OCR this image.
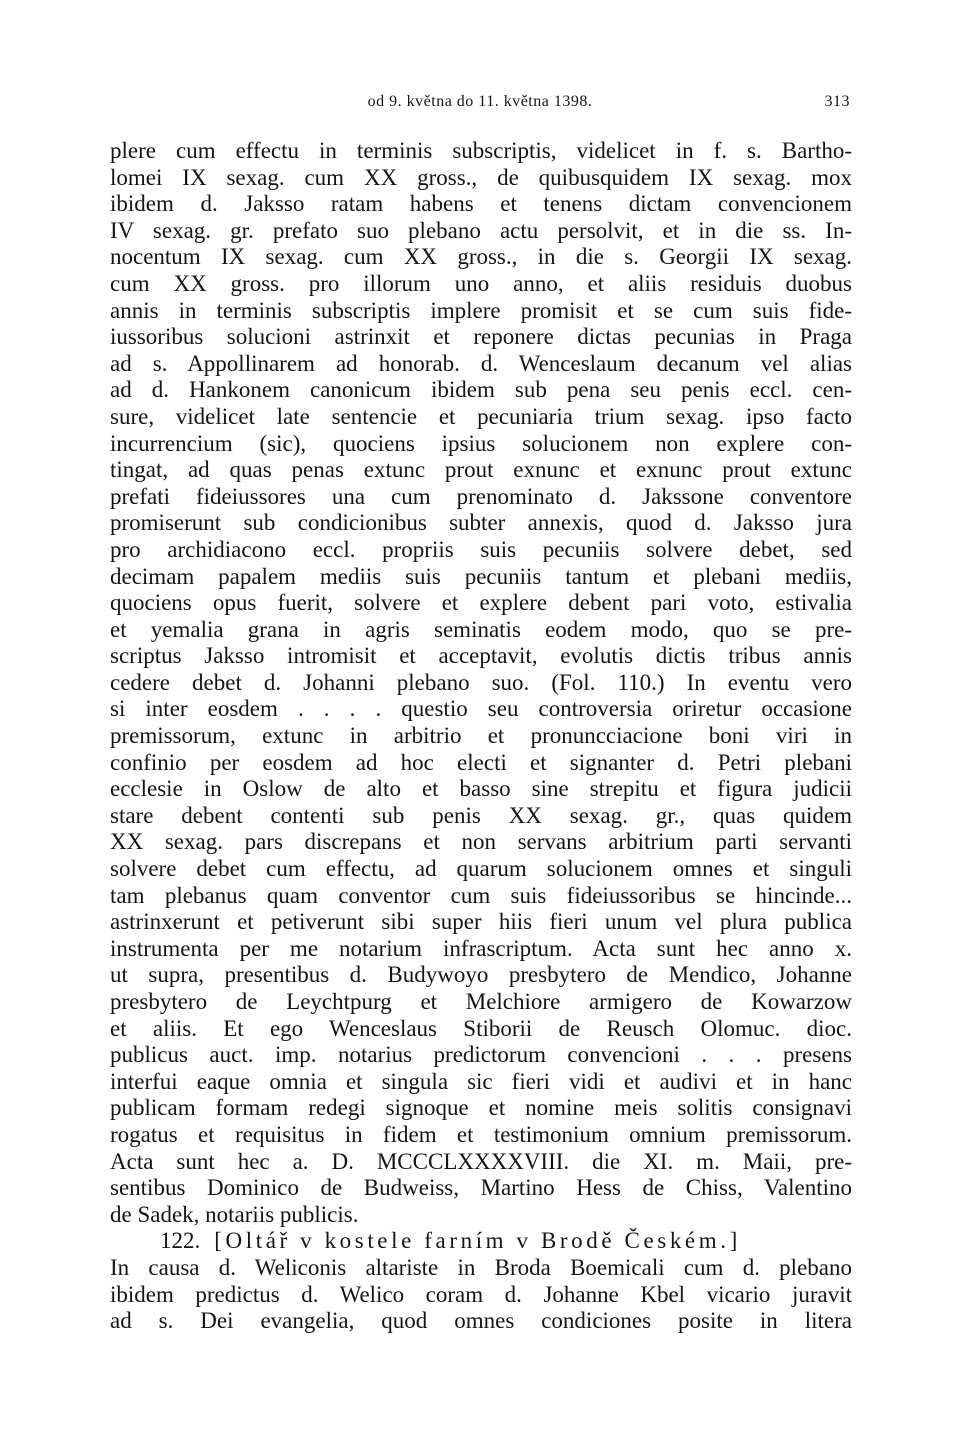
od 9. května do 11. května 1398.	313
plere cum effectu in terminis subscriptis, videlicet in f. s. Bartho-
lomei IX sexag. cum XX gross., de quibusquidem IX sexag. mox
ibidem d. Jaksso ratam habens et tenens dictam convencionem
IV sexag. gr. prefato suo plebano actu persolvit, et in die ss. In-
nocentum IX sexag. cum XX gross., in die s. Georgii IX sexag.
cum XX gross. pro illorum uno anno, et aliis residuis duobus
annis in terminis subscriptis implere promisit et se cum suis fide-
iussoribus solucioni astrinxit et reponere dictas pecunias in Praga
ad s. Appollinarem ad honorab. d. Wenceslaum decanum vel alias
ad d. Hankonem canonicum ibidem sub pena seu penis eccl. cen-
sure, videlicet late sentencie et pecuniaria trium sexag. ipso facto
incurrencium (sic), quociens ipsius solucionem non explere con-
tingat, ad quas penas extunc prout exnunc et exnunc prout extunc
prefati fideiussores una cum prenominato d. Jakssone conventore
promiserunt sub condicionibus subter annexis, quod d. Jaksso jura
pro archidiacono eccl. propriis suis pecuniis solvere debet, sed
decimam papalem mediis suis pecuniis tantum et plebani mediis,
quociens opus fuerit, solvere et explere debent pari voto, estivalia
et yemalia grana in agris seminatis eodem modo, quo se pre-
scriptus Jaksso intromisit et acceptavit, evolutis dictis tribus annis
cedere debet d. Johanni plebano suo. (Fol. 110.) In eventu vero
si inter eosdem . . . . questio seu controversia oriretur occasione
premissorum, extunc in arbitrio et pronuncciacione boni viri in
confinio per eosdem ad hoc electi et signanter d. Petri plebani
ecclesie in Oslow de alto et basso sine strepitu et figura judicii
stare debent contenti sub penis XX sexag. gr., quas quidem
XX sexag. pars discrepans et non servans arbitrium parti servanti
solvere debet cum effectu, ad quarum solucionem omnes et singuli
tam plebanus quam conventor cum suis fideiussoribus se hincinde...
astrinxerunt et petiverunt sibi super hiis fieri unum vel plura publica
instrumenta per me notarium infrascriptum. Acta sunt hec anno x.
ut supra, presentibus d. Budywoyo presbytero de Mendico, Johanne
presbytero de Leychtpurg et Melchiore armigero de Kowarzow
et aliis. Et ego Wenceslaus Stiborii de Reusch Olomuc. dioc.
publicus auct. imp. notarius predictorum convencioni . . . presens
interfui eaque omnia et singula sic fieri vidi et audivi et in hanc
publicam formam redegi signoque et nomine meis solitis consignavi
rogatus et requisitus in fidem et testimonium omnium premissorum.
Acta sunt hec a. D. MCCCLXXXXVIII. die XI. m. Maii, pre-
sentibus Dominico de Budweiss, Martino Hess de Chiss, Valentino
de Sadek, notariis publicis.
122. [Oltář v kostele farním v Brodě Českém.]
In causa d. Weliconis altariste in Broda Boemicali cum d. plebano
ibidem predictus d. Welico coram d. Johanne Kbel vicario juravit
ad s. Dei evangelia, quod omnes condiciones posite in litera
